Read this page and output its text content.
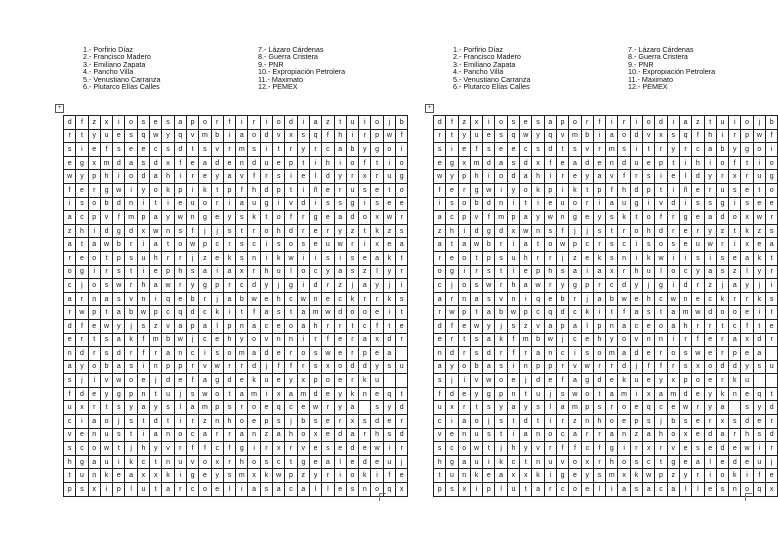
1.- Porfirio Díaz
2.- Francisco Madero
3.- Emiliano Zapata
4.- Pancho Villa
5.- Venustiano Carranza
6.- Plutarco Elías Calles
7.- Lázaro Cárdenas
8.- Guerra Cristera
9.- PNR
10.- Expropiación Petrolera
11.- Maximato
12.- PEMEX
+
d	f	z	x	i	o	s	e	s	a	p	o	r	f	i	r	i	o	d	i	a	z	t	u	i	o	j	b
r	t	y	u	e	s	q	w	y	q	v	m	b	i	a	o	d	v	x	s	q	f	h	i	r	p	w	f
s	i	e	f	s	e	e	c	s	d	t	s	v	r	m	s	i	t	r	y	r	c	a	b	y	g	o	i
e	g	x	m	d	a	s	d	x	f	e	a	d	e	n	d	u	e	p	t	i	h	i	o	f	t	i	o
w	y	p	h	i	o	d	a	h	i	r	e	y	a	v	f	r	s	i	e	l	d	y	r	x	r	u	g
f	e	r	g	w	i	y	o	k	p	i	k	t	p	f	h	d	p	t	i	ñ	e	r	u	s	e	t	o
i	s	o	b	d	n	i	t	i	e	u	o	r	i	a	u	g	i	v	d	i	s	s	g	i	s	e	e
a	c	p	v	f	m	p	a	y	w	n	g	e	y	s	k	t	o	f	r	g	e	a	d	o	x	w	r
z	h	i	d	g	d	x	w	n	s	f	j	j	s	t	r	o	h	d	r	e	r	y	z	t	k	z	s
a	t	a	w	b	r	i	a	t	o	w	p	c	r	s	c	i	s	o	s	e	u	w	r	i	x	e	a
r	e	o	t	p	s	u	h	r	r	j	z	e	k	s	n	i	k	w	i	i	s	i	s	e	a	k	t
o	g	i	r	s	t	i	e	p	h	s	a	i	a	x	r	h	u	l	o	c	y	a	s	z	l	y	r
c	j	o	s	w	r	h	a	w	r	y	g	p	r	c	d	y	j	g	i	d	r	z	j	a	y	j	i
a	r	n	a	s	v	n	i	q	e	b	r	j	a	b	w	e	h	c	w	n	e	c	k	r	r	k	s
r	w	p	t	a	b	w	p	c	q	d	c	k	i	t	f	a	s	t	a	m	w	d	o	o	e	i	t
d	f	e	w	y	j	s	z	v	a	p	a	l	p	n	a	c	e	o	a	h	r	r	t	c	f	t	e
e	r	t	s	a	k	f	m	b	w	j	c	e	h	y	o	v	n	n	i	r	f	e	r	a	x	d	r
n	d	r	s	d	r	f	r	a	n	c	i	s	o	m	a	d	e	r	o	s	w	e	r	p	e	a	
a	y	o	b	a	s	i	n	p	p	r	v	w	r	r	d	j	f	f	r	s	x	o	d	d	y	s	u
s	j	i	v	w	o	e	j	d	e	f	a	g	d	e	k	u	e	y	x	p	o	e	r	k	u		
f	d	e	y	g	p	n	t	u	j	s	w	o	t	a	m	i	x	a	m	d	e	y	k	n	e	q	t
u	x	r	t	s	y	a	y	s	l	a	m	p	s	r	o	e	q	c	e	w	r	y	a		s	y	d
c	i	a	o	j	s	t	d	t	i	r	z	n	h	o	e	p	s	j	b	s	e	r	x	s	d	e	r
v	e	n	u	s	t	i	a	n	o	c	a	r	r	a	n	z	a	h	o	x	e	d	a	r	h	s	d
s	c	o	w	t	j	h	y	v	r	f	f	c	f	g	i	r	x	r	v	e	s	e	d	e	w	i	r
h	g	a	u	i	k	c	t	n	u	v	o	x	r	h	o	s	c	t	g	e	a	l	e	d	e	u	j
t	u	n	k	e	a	x	x	k	i	g	e	y	s	m	x	k	w	p	z	y	r	i	o	k	i	f	e
p	s	x	i	p	l	u	t	a	r	c	o	e	l	i	a	s	a	c	a	l	l	e	s	n	o	q	x
1.- Porfirio Díaz
2.- Francisco Madero
3.- Emiliano Zapata
4.- Pancho Villa
5.- Venustiano Carranza
6.- Plutarco Elías Calles
7.- Lázaro Cárdenas
8.- Guerra Cristera
9.- PNR
10.- Expropiación Petrolera
11.- Maximato
12.- PEMEX
+
d	f	z	x	i	o	s	e	s	a	p	o	r	f	i	r	i	o	d	i	a	z	t	u	i	o	j	b
r	t	y	u	e	s	q	w	y	q	v	m	b	i	a	o	d	v	x	s	q	f	h	i	r	p	w	f
s	i	e	f	s	e	e	c	s	d	t	s	v	r	m	s	i	t	r	y	r	c	a	b	y	g	o	i
e	g	x	m	d	a	s	d	x	f	e	a	d	e	n	d	u	e	p	t	i	h	i	o	f	t	i	o
w	y	p	h	i	o	d	a	h	i	r	e	y	a	v	f	r	s	i	e	l	d	y	r	x	r	u	g
f	e	r	g	w	i	y	o	k	p	i	k	t	p	f	h	d	p	t	i	ñ	e	r	u	s	e	t	o
i	s	o	b	d	n	i	t	i	e	u	o	r	i	a	u	g	i	v	d	i	s	s	g	i	s	e	e
a	c	p	v	f	m	p	a	y	w	n	g	e	y	s	k	t	o	f	r	g	e	a	d	o	x	w	r
z	h	i	d	g	d	x	w	n	s	f	j	j	s	t	r	o	h	d	r	e	r	y	z	t	k	z	s
a	t	a	w	b	r	i	a	t	o	w	p	c	r	s	c	i	s	o	s	e	u	w	r	i	x	e	a
r	e	o	t	p	s	u	h	r	r	j	z	e	k	s	n	i	k	w	i	i	s	i	s	e	a	k	t
o	g	i	r	s	t	i	e	p	h	s	a	i	a	x	r	h	u	l	o	c	y	a	s	z	l	y	r
c	j	o	s	w	r	h	a	w	r	y	g	p	r	c	d	y	j	g	i	d	r	z	j	a	y	j	i
a	r	n	a	s	v	n	i	q	e	b	r	j	a	b	w	e	h	c	w	n	e	c	k	r	r	k	s
r	w	p	t	a	b	w	p	c	q	d	c	k	i	t	f	a	s	t	a	m	w	d	o	o	e	i	t
d	f	e	w	y	j	s	z	v	a	p	a	l	p	n	a	c	e	o	a	h	r	r	t	c	f	t	e
e	r	t	s	a	k	f	m	b	w	j	c	e	h	y	o	v	n	n	i	r	f	e	r	a	x	d	r
n	d	r	s	d	r	f	r	a	n	c	i	s	o	m	a	d	e	r	o	s	w	e	r	p	e	a	
a	y	o	b	a	s	i	n	p	p	r	v	w	r	r	d	j	f	f	r	s	x	o	d	d	y	s	u
s	j	i	v	w	o	e	j	d	e	f	a	g	d	e	k	u	e	y	x	p	o	e	r	k	u		
f	d	e	y	g	p	n	t	u	j	s	w	o	t	a	m	i	x	a	m	d	e	y	k	n	e	q	t
u	x	r	t	s	y	a	y	s	l	a	m	p	s	r	o	e	q	c	e	w	r	y	a		s	y	d
c	i	a	o	j	s	t	d	t	i	r	z	n	h	o	e	p	s	j	b	s	e	r	x	s	d	e	r
v	e	n	u	s	t	i	a	n	o	c	a	r	r	a	n	z	a	h	o	x	e	d	a	r	h	s	d
s	c	o	w	t	j	h	y	v	r	f	f	c	f	g	i	r	x	r	v	e	s	e	d	e	w	i	r
h	g	a	u	i	k	c	t	n	u	v	o	x	r	h	o	s	c	t	g	e	a	l	e	d	e	u	j
t	u	n	k	e	a	x	x	k	i	g	e	y	s	m	x	k	w	p	z	y	r	i	o	k	i	f	e
p	s	x	i	p	l	u	t	a	r	c	o	e	l	i	a	s	a	c	a	l	l	e	s	n	o	q	x
